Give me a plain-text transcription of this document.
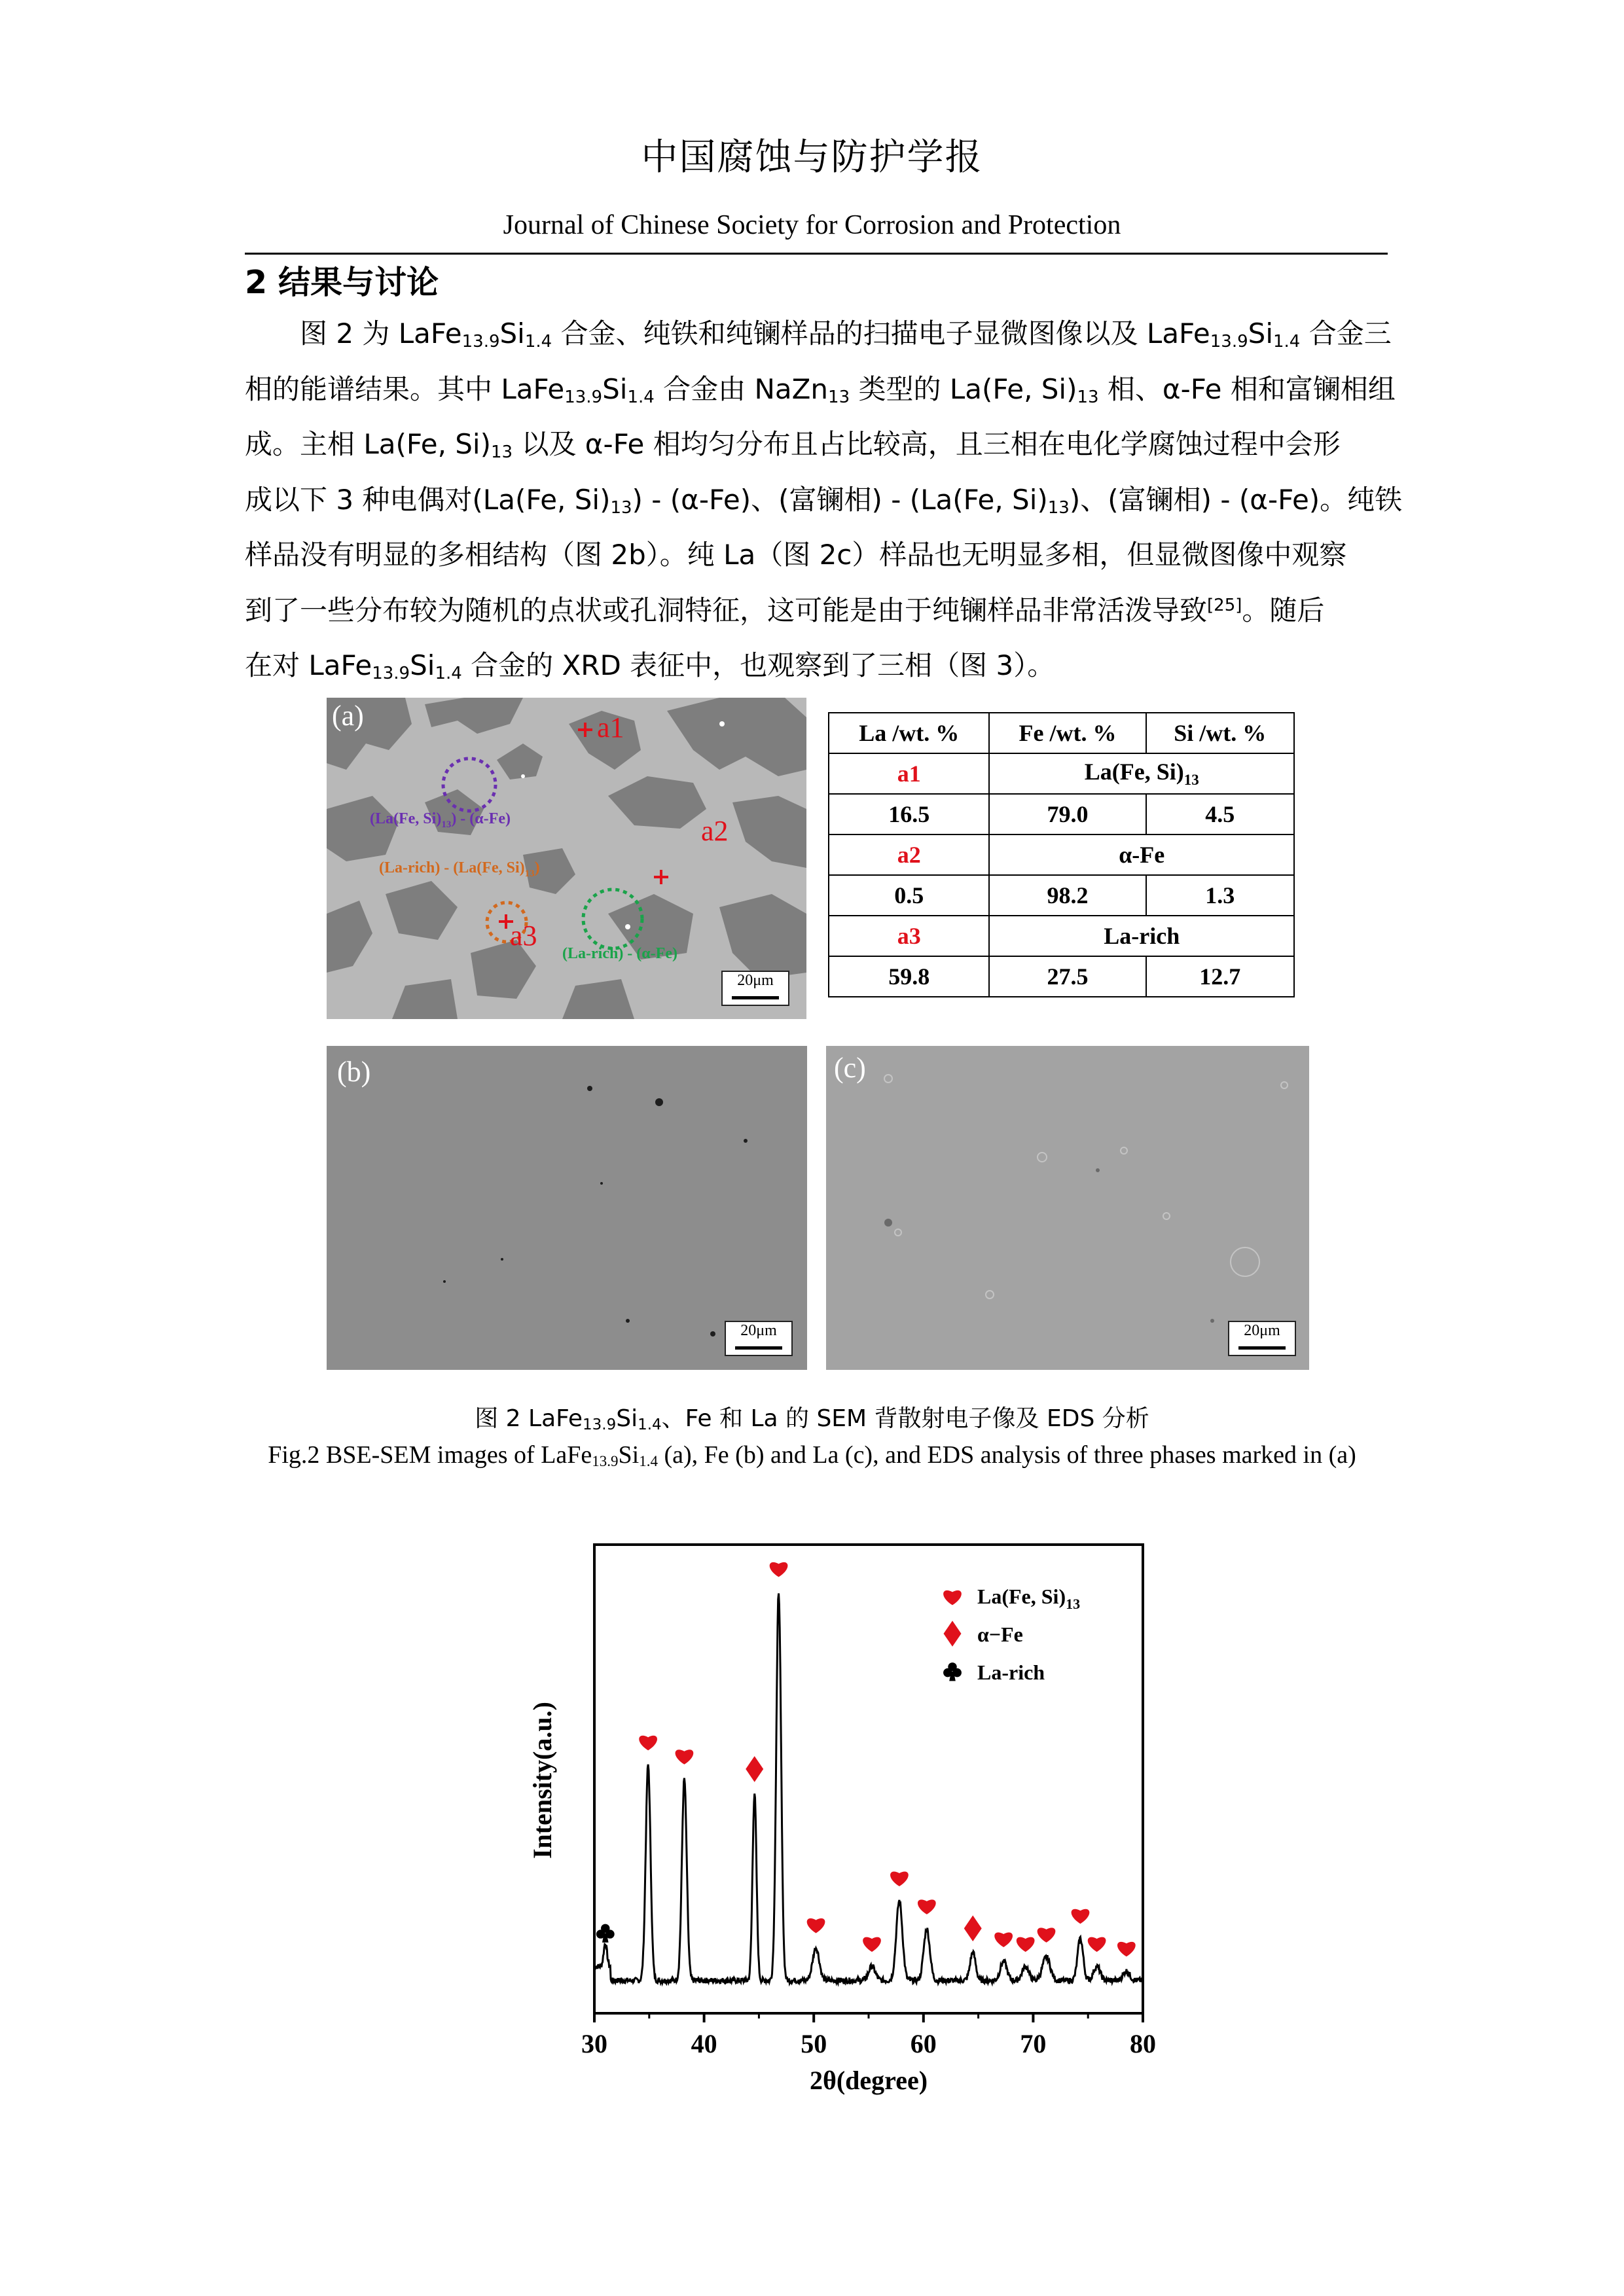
中国腐蚀与防护学报
Journal of Chinese Society for Corrosion and Protection
2 结果与讨论
图 2 为 $LaFe_{13.9}Si_{1.4}$ 合金、纯铁和纯镧样品的扫描电子显微图像以及 $LaFe_{13.9}Si_{1.4}$ 合金三
相的能谱结果。其中 $LaFe_{13.9}Si_{1.4}$ 合金由 NaZn$_{13}$ 类型的 La(Fe, $Si)_{13}$ 相、α-Fe 相和富镧相组
成。主相 La(Fe, $Si)_{13}$ 以及 α-Fe 相均匀分布且占比较高，且三相在电化学腐蚀过程中会形
成以下 3 种电偶对(La(Fe, $Si)_{13}) - (\alpha-Fe)$、(富镧相) - (La(Fe, $Si)_{13}$)、(富镧相) - (α-Fe)。纯铁
样品没有明显的多相结构（图 2b）。纯 La（图 2c）样品也无明显多相，但显微图像中观察
到了一些分布较为随机的点状或孔洞特征，这可能是由于纯镧样品非常活泼导致[25]。随后
在对 $LaFe_{13.9}Si_{1.4}$ 合金的 XRD 表征中，也观察到了三相（图 3）。
(a)	a1
a2
a3
(La(Fe, $Si)_{13}) - (\alpha-Fe)$
(La-rich) - (La(Fe, $Si)_{13}$)
(La-rich) - (α-Fe)
20μm
La /wt. %	Fe /wt. %	Si /wt. %
a1	La(Fe, $Si)_{13}$
16.5	79.0	4.5
a2	α-Fe	
0.5	98.2	1.3
a3	La-rich	
59.8	27.5	12.7
(b)
20μm
(c)
20μm
图 2 $LaFe_{13.9}Si_{1.4}$、Fe 和 La 的 SEM 背散射电子像及 EDS 分析
Fig.2 BSE-SEM images of $LaFe_{13.9}Si_{1.4}$ (a), Fe (b) and La (c), and EDS analysis of three phases marked in (a)
30	40	50	60	70	80
La(Fe, $Si)_{13}$
α−Fe
La-rich
Intensity(a.u.)
2θ(degree)
